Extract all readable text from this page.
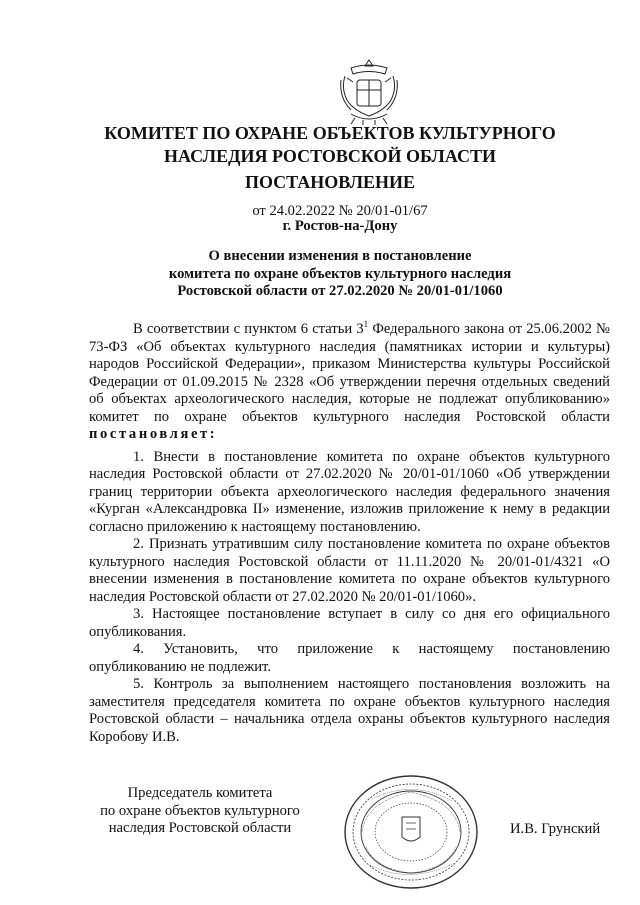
КОМИТЕТ ПО ОХРАНЕ ОБЪЕКТОВ КУЛЬТУРНОГО
НАСЛЕДИЯ РОСТОВСКОЙ ОБЛАСТИ
ПОСТАНОВЛЕНИЕ
от 24.02.2022 № 20/01-01/67
г. Ростов-на-Дону
О внесении изменения в постановление
комитета по охране объектов культурного наследия
Ростовской области от 27.02.2020 № 20/01-01/1060

В соответствии с пунктом 6 статьи $3^1$ Федерального закона от 25.06.2002 № 73-ФЗ «Об объектах культурного наследия (памятниках истории и культуры) народов Российской Федерации», приказом Министерства культуры Российской Федерации от 01.09.2015 № 2328 «Об утверждении перечня отдельных сведений об объектах археологического наследия, которые не подлежат опубликованию» комитет по охране объектов культурного наследия Ростовской области постановляет:

1. Внести в постановление комитета по охране объектов культурного наследия Ростовской области от 27.02.2020 № 20/01-01/1060 «Об утверждении границ территории объекта археологического наследия федерального значения «Курган «Александровка II» изменение, изложив приложение к нему в редакции согласно приложению к настоящему постановлению.

2. Признать утратившим силу постановление комитета по охране объектов культурного наследия Ростовской области от 11.11.2020 № 20/01-01/4321 «О внесении изменения в постановление комитета по охране объектов культурного наследия Ростовской области от 27.02.2020 № 20/01-01/1060».

3. Настоящее постановление вступает в силу со дня его официального опубликования.

4. Установить, что приложение к настоящему постановлению опубликованию не подлежит.

5. Контроль за выполнением настоящего постановления возложить на заместителя председателя комитета по охране объектов культурного наследия Ростовской области – начальника отдела охраны объектов культурного наследия Коробову И.В.

Председатель комитета
по охране объектов культурного
наследия Ростовской области	И.В. Грунский
